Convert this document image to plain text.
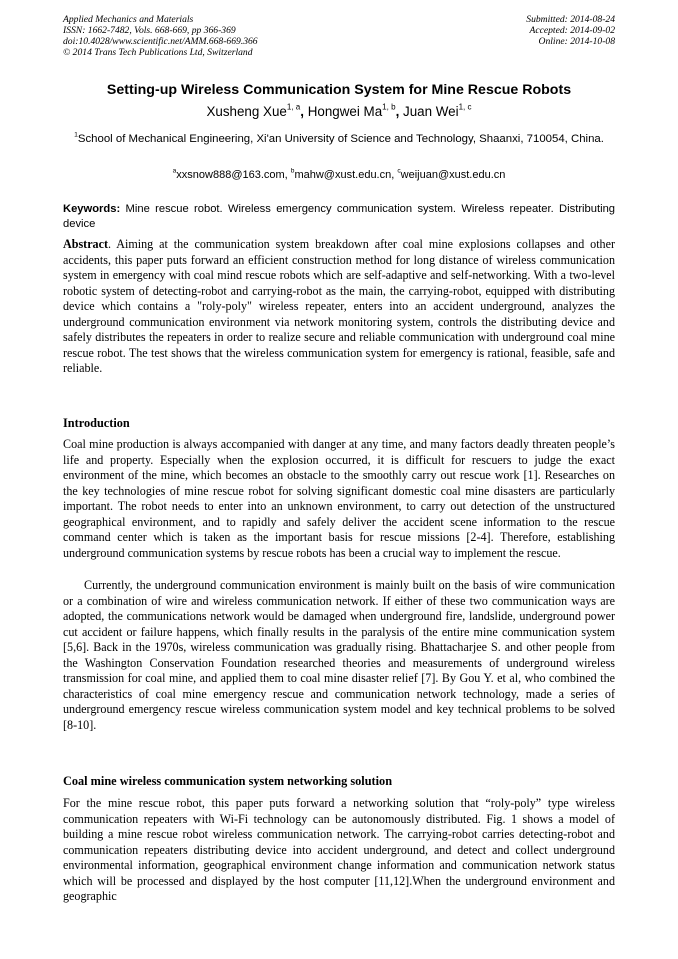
Applied Mechanics and Materials
ISSN: 1662-7482, Vols. 668-669, pp 366-369
doi:10.4028/www.scientific.net/AMM.668-669.366
© 2014 Trans Tech Publications Ltd, Switzerland
Submitted: 2014-08-24
Accepted: 2014-09-02
Online: 2014-10-08
Setting-up Wireless Communication System for Mine Rescue Robots
Xusheng Xue$^{1, a}$, Hongwei Ma$^{1, b}$, Juan Wei$^{1, c}$
$^1$School of Mechanical Engineering, Xi'an University of Science and Technology, Shaanxi, 710054, China.
$^a$xxsnow888@163.com, $^b$mahw@xust.edu.cn, $^c$weijuan@xust.edu.cn
Keywords: Mine rescue robot. Wireless emergency communication system. Wireless repeater. Distributing device

Abstract. Aiming at the communication system breakdown after coal mine explosions collapses and other accidents, this paper puts forward an efficient construction method for long distance of wireless communication system in emergency with coal mind rescue robots which are self-adaptive and self-networking. With a two-level robotic system of detecting-robot and carrying-robot as the main, the carrying-robot, equipped with distributing device which contains a "roly-poly" wireless repeater, enters into an accident underground, analyzes the underground communication environment via network monitoring system, controls the distributing device and safely distributes the repeaters in order to realize secure and reliable communication with underground coal mine rescue robot. The test shows that the wireless communication system for emergency is rational, feasible, safe and reliable.

Introduction

Coal mine production is always accompanied with danger at any time, and many factors deadly threaten people’s life and property. Especially when the explosion occurred, it is difficult for rescuers to judge the exact environment of the mine, which becomes an obstacle to the smoothly carry out rescue work [1]. Researches on the key technologies of mine rescue robot for solving significant domestic coal mine disasters are particularly important. The robot needs to enter into an unknown environment, to carry out detection of the unstructured geographical environment, and to rapidly and safely deliver the accident scene information to the rescue command center which is taken as the important basis for rescue missions [2-4]. Therefore, establishing underground communication systems by rescue robots has been a crucial way to implement the rescue.

Currently, the underground communication environment is mainly built on the basis of wire communication or a combination of wire and wireless communication network. If either of these two communication ways are adopted, the communications network would be damaged when underground fire, landslide, underground power cut accident or failure happens, which finally results in the paralysis of the entire mine communication system [5,6]. Back in the 1970s, wireless communication was gradually rising. Bhattacharjee S. and other people from the Washington Conservation Foundation researched theories and measurements of underground wireless transmission for coal mine, and applied them to coal mine disaster relief [7]. By Gou Y. et al, who combined the characteristics of coal mine emergency rescue and communication network technology, made a series of underground emergency rescue wireless communication system model and key technical problems to be solved [8-10].

Coal mine wireless communication system networking solution

For the mine rescue robot, this paper puts forward a networking solution that “roly-poly” type wireless communication repeaters with Wi-Fi technology can be autonomously distributed. Fig. 1 shows a model of building a mine rescue robot wireless communication network. The carrying-robot carries detecting-robot and communication repeaters distributing device into accident underground, and detect and collect underground environmental information, geographical environment change information and communication network status which will be processed and displayed by the host computer [11,12].When the underground environment and geographic
